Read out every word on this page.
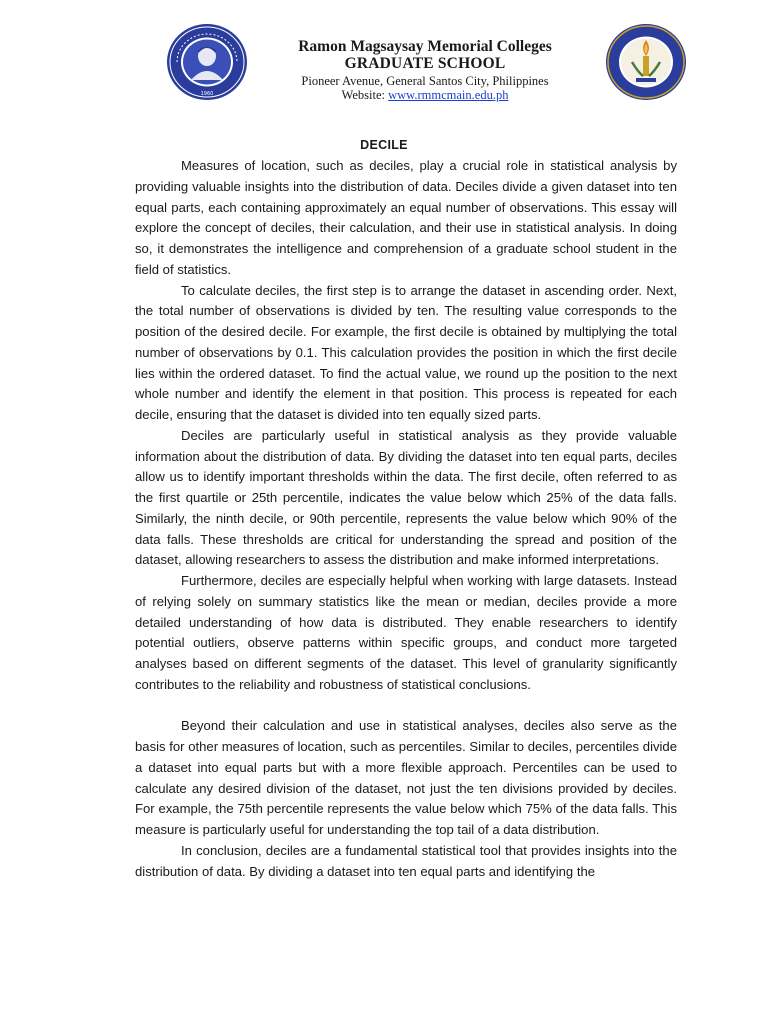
1960
Ramon Magsaysay Memorial Colleges
GRADUATE SCHOOL
Pioneer Avenue, General Santos City, Philippines
Website: www.rmmcmain.edu.ph
DECILE

Measures of location, such as deciles, play a crucial role in statistical analysis by providing valuable insights into the distribution of data. Deciles divide a given dataset into ten equal parts, each containing approximately an equal number of observations. This essay will explore the concept of deciles, their calculation, and their use in statistical analysis. In doing so, it demonstrates the intelligence and comprehension of a graduate school student in the field of statistics.

To calculate deciles, the first step is to arrange the dataset in ascending order. Next, the total number of observations is divided by ten. The resulting value corresponds to the position of the desired decile. For example, the first decile is obtained by multiplying the total number of observations by 0.1. This calculation provides the position in which the first decile lies within the ordered dataset. To find the actual value, we round up the position to the next whole number and identify the element in that position. This process is repeated for each decile, ensuring that the dataset is divided into ten equally sized parts.

Deciles are particularly useful in statistical analysis as they provide valuable information about the distribution of data. By dividing the dataset into ten equal parts, deciles allow us to identify important thresholds within the data. The first decile, often referred to as the first quartile or 25th percentile, indicates the value below which 25% of the data falls. Similarly, the ninth decile, or 90th percentile, represents the value below which 90% of the data falls. These thresholds are critical for understanding the spread and position of the dataset, allowing researchers to assess the distribution and make informed interpretations.

Furthermore, deciles are especially helpful when working with large datasets. Instead of relying solely on summary statistics like the mean or median, deciles provide a more detailed understanding of how data is distributed. They enable researchers to identify potential outliers, observe patterns within specific groups, and conduct more targeted analyses based on different segments of the dataset. This level of granularity significantly contributes to the reliability and robustness of statistical conclusions.

Beyond their calculation and use in statistical analyses, deciles also serve as the basis for other measures of location, such as percentiles. Similar to deciles, percentiles divide a dataset into equal parts but with a more flexible approach. Percentiles can be used to calculate any desired division of the dataset, not just the ten divisions provided by deciles. For example, the 75th percentile represents the value below which 75% of the data falls. This measure is particularly useful for understanding the top tail of a data distribution.

In conclusion, deciles are a fundamental statistical tool that provides insights into the distribution of data. By dividing a dataset into ten equal parts and identifying the
